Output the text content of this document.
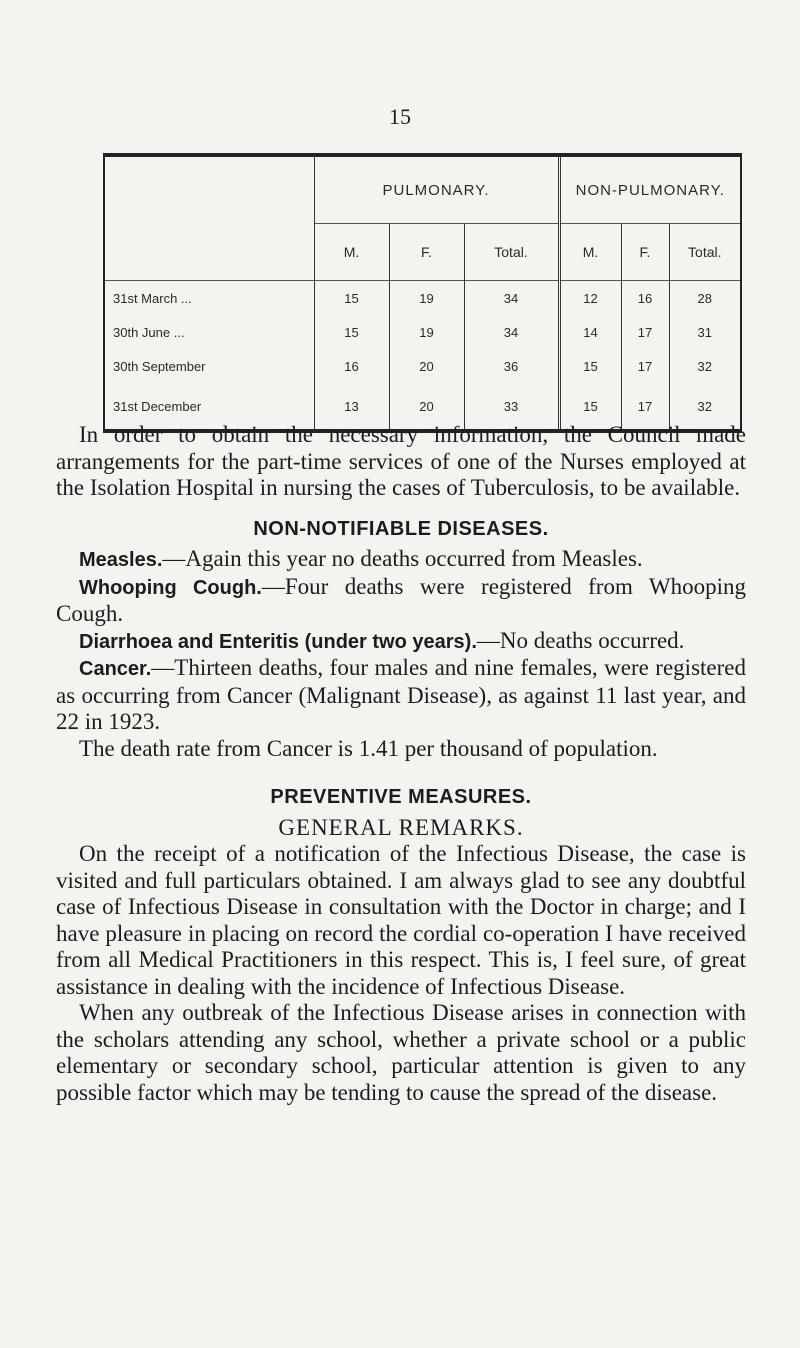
15
	PULMONARY.			NON-PULMONARY.		
	M.	F.	Total.	M.	F.	Total.
31st March ...	15	19	34	12	16	28
30th June ...	15	19	34	14	17	31
30th September	16	20	36	15	17	32
31st December	13	20	33	15	17	32

In order to obtain the necessary information, the Council made arrangements for the part-time services of one of the Nurses employed at the Isolation Hospital in nursing the cases of Tuberculosis, to be available.

NON-NOTIFIABLE DISEASES.

Measles.—Again this year no deaths occurred from Measles.

Whooping Cough.—Four deaths were registered from Whooping Cough.

Diarrhoea and Enteritis (under two years).—No deaths occurred.

Cancer.—Thirteen deaths, four males and nine females, were registered as occurring from Cancer (Malignant Disease), as against 11 last year, and 22 in 1923.

The death rate from Cancer is 1.41 per thousand of population.

PREVENTIVE MEASURES.

GENERAL REMARKS.

On the receipt of a notification of the Infectious Disease, the case is visited and full particulars obtained. I am always glad to see any doubtful case of Infectious Disease in consultation with the Doctor in charge; and I have pleasure in placing on record the cordial co-operation I have received from all Medical Practitioners in this respect. This is, I feel sure, of great assistance in dealing with the incidence of Infectious Disease.

When any outbreak of the Infectious Disease arises in connection with the scholars attending any school, whether a private school or a public elementary or secondary school, particular attention is given to any possible factor which may be tending to cause the spread of the disease.
